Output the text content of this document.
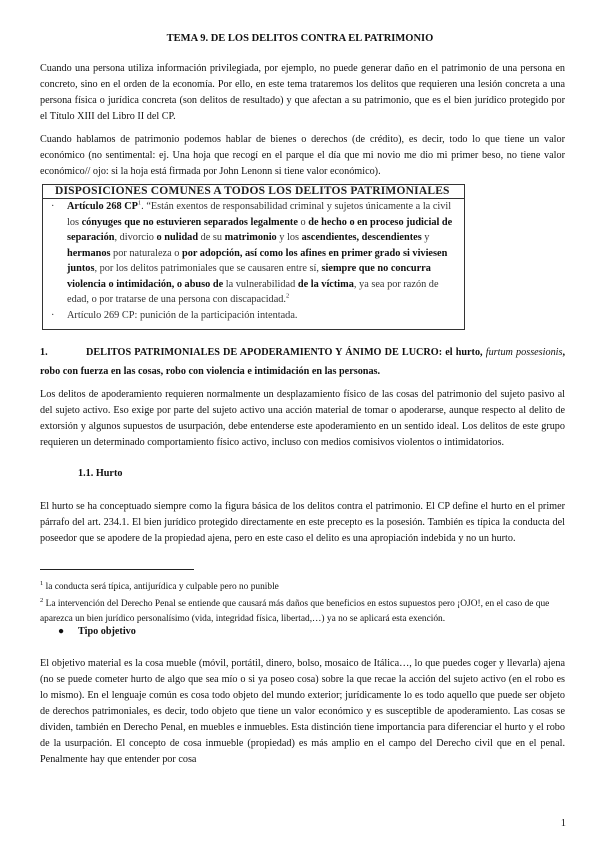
TEMA 9. DE LOS DELITOS CONTRA EL PATRIMONIO
Cuando una persona utiliza información privilegiada, por ejemplo, no puede generar daño en el patrimonio de una persona en concreto, sino en el orden de la economía. Por ello, en este tema trataremos los delitos que requieren una lesión concreta a una persona física o jurídica concreta (son delitos de resultado) y que afectan a su patrimonio, que es el bien jurídico protegido por el Título XIII del Libro II del CP.
Cuando hablamos de patrimonio podemos hablar de bienes o derechos (de crédito), es decir, todo lo que tiene un valor económico (no sentimental: ej. Una hoja que recogí en el parque el día que mi novio me dio mi primer beso, no tiene valor económico// ojo: si la hoja está firmada por John Lenonn si tiene valor económico).
DISPOSICIONES COMUNES A TODOS LOS DELITOS PATRIMONIALES
· Artículo 268 $CP^1$. “Están exentos de responsabilidad criminal y sujetos únicamente a la civil los cónyuges que no estuvieren separados legalmente o de hecho o en proceso judicial de separación, divorcio o nulidad de su matrimonio y los ascendientes, descendientes y hermanos por naturaleza o por adopción, así como los afines en primer grado si viviesen juntos, por los delitos patrimoniales que se causaren entre sí, siempre que no concurra violencia o intimidación, o abuso de la vulnerabilidad de la víctima, ya sea por razón de edad, o por tratarse de una persona con discapacidad.$^2$
· Artículo 269 CP: punición de la participación intentada.
1.	DELITOS PATRIMONIALES DE APODERAMIENTO Y ÁNIMO DE LUCRO: el hurto, furtum possesionis, robo con fuerza en las cosas, robo con violencia e intimidación en las personas.
Los delitos de apoderamiento requieren normalmente un desplazamiento físico de las cosas del patrimonio del sujeto pasivo al del sujeto activo. Eso exige por parte del sujeto activo una acción material de tomar o apoderarse, aunque respecto al delito de extorsión y algunos supuestos de usurpación, debe entenderse este apoderamiento en un sentido ideal. Los delitos de este grupo requieren un determinado comportamiento físico activo, incluso con medios comisivos violentos o intimidatorios.
1.1. Hurto
El hurto se ha conceptuado siempre como la figura básica de los delitos contra el patrimonio. El CP define el hurto en el primer párrafo del art. 234.1. El bien jurídico protegido directamente en este precepto es la posesión. También es típica la conducta del poseedor que se apodere de la propiedad ajena, pero en este caso el delito es una apropiación indebida y no un hurto.
$^1$ la conducta será típica, antijurídica y culpable pero no punible
$^2$ La intervención del Derecho Penal se entiende que causará más daños que beneficios en estos supuestos pero ¡OJO!, en el caso de que aparezca un bien jurídico personalísimo (vida, integridad física, libertad,…) ya no se aplicará esta exención.
● Tipo objetivo
El objetivo material es la cosa mueble (móvil, portátil, dinero, bolso, mosaico de Itálica…, lo que puedes coger y llevarla) ajena (no se puede cometer hurto de algo que sea mío o si ya poseo cosa) sobre la que recae la acción del sujeto activo (en el robo es lo mismo). En el lenguaje común es cosa todo objeto del mundo exterior; jurídicamente lo es todo aquello que puede ser objeto de derechos patrimoniales, es decir, todo objeto que tiene un valor económico y es susceptible de apoderamiento. Las cosas se dividen, también en Derecho Penal, en muebles e inmuebles. Esta distinción tiene importancia para diferenciar el hurto y el robo de la usurpación. El concepto de cosa inmueble (propiedad) es más amplio en el campo del Derecho civil que en el penal. Penalmente hay que entender por cosa
1
